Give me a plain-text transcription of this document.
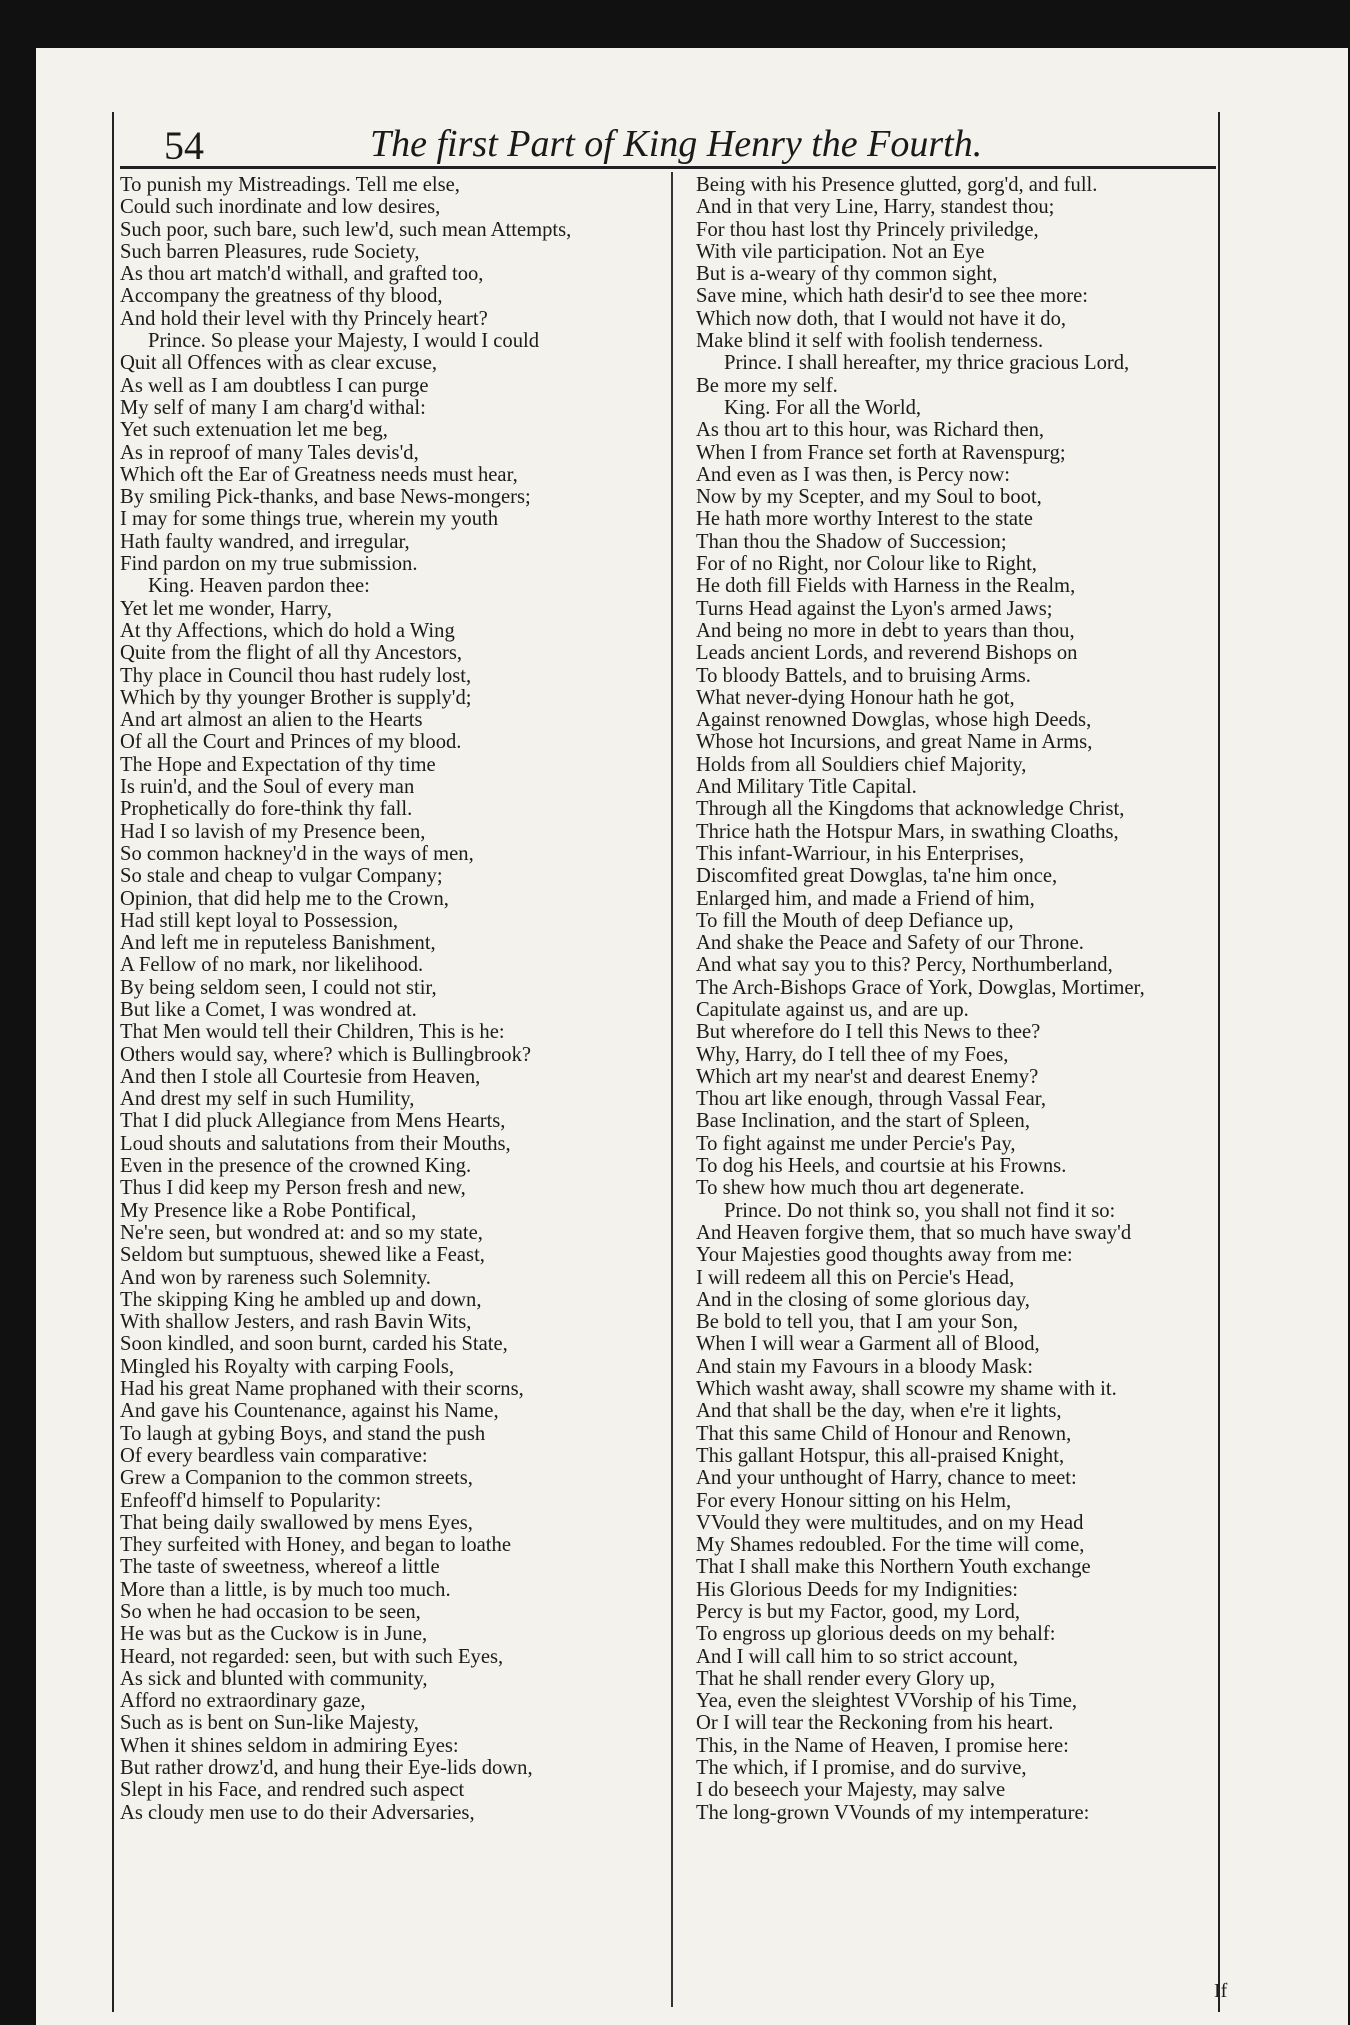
54	The first Part of King Henry the Fourth.
To punish my Mistreadings. Tell me else,
Could such inordinate and low desires,
Such poor, such bare, such lew'd, such mean Attempts,
Such barren Pleasures, rude Society,
As thou art match'd withall, and grafted too,
Accompany the greatness of thy blood,
And hold their level with thy Princely heart?
Prince. So please your Majesty, I would I could
Quit all Offences with as clear excuse,
As well as I am doubtless I can purge
My self of many I am charg'd withal:
Yet such extenuation let me beg,
As in reproof of many Tales devis'd,
Which oft the Ear of Greatness needs must hear,
By smiling Pick-thanks, and base News-mongers;
I may for some things true, wherein my youth
Hath faulty wandred, and irregular,
Find pardon on my true submission.
King. Heaven pardon thee:
Yet let me wonder, Harry,
At thy Affections, which do hold a Wing
Quite from the flight of all thy Ancestors,
Thy place in Council thou hast rudely lost,
Which by thy younger Brother is supply'd;
And art almost an alien to the Hearts
Of all the Court and Princes of my blood.
The Hope and Expectation of thy time
Is ruin'd, and the Soul of every man
Prophetically do fore-think thy fall.
Had I so lavish of my Presence been,
So common hackney'd in the ways of men,
So stale and cheap to vulgar Company;
Opinion, that did help me to the Crown,
Had still kept loyal to Possession,
And left me in reputeless Banishment,
A Fellow of no mark, nor likelihood.
By being seldom seen, I could not stir,
But like a Comet, I was wondred at.
That Men would tell their Children, This is he:
Others would say, where? which is Bullingbrook?
And then I stole all Courtesie from Heaven,
And drest my self in such Humility,
That I did pluck Allegiance from Mens Hearts,
Loud shouts and salutations from their Mouths,
Even in the presence of the crowned King.
Thus I did keep my Person fresh and new,
My Presence like a Robe Pontifical,
Ne're seen, but wondred at: and so my state,
Seldom but sumptuous, shewed like a Feast,
And won by rareness such Solemnity.
The skipping King he ambled up and down,
With shallow Jesters, and rash Bavin Wits,
Soon kindled, and soon burnt, carded his State,
Mingled his Royalty with carping Fools,
Had his great Name prophaned with their scorns,
And gave his Countenance, against his Name,
To laugh at gybing Boys, and stand the push
Of every beardless vain comparative:
Grew a Companion to the common streets,
Enfeoff'd himself to Popularity:
That being daily swallowed by mens Eyes,
They surfeited with Honey, and began to loathe
The taste of sweetness, whereof a little
More than a little, is by much too much.
So when he had occasion to be seen,
He was but as the Cuckow is in June,
Heard, not regarded: seen, but with such Eyes,
As sick and blunted with community,
Afford no extraordinary gaze,
Such as is bent on Sun-like Majesty,
When it shines seldom in admiring Eyes:
But rather drowz'd, and hung their Eye-lids down,
Slept in his Face, and rendred such aspect
As cloudy men use to do their Adversaries,
Being with his Presence glutted, gorg'd, and full.
And in that very Line, Harry, standest thou;
For thou hast lost thy Princely priviledge,
With vile participation. Not an Eye
But is a-weary of thy common sight,
Save mine, which hath desir'd to see thee more:
Which now doth, that I would not have it do,
Make blind it self with foolish tenderness.
Prince. I shall hereafter, my thrice gracious Lord,
Be more my self.
King. For all the World,
As thou art to this hour, was Richard then,
When I from France set forth at Ravenspurg;
And even as I was then, is Percy now:
Now by my Scepter, and my Soul to boot,
He hath more worthy Interest to the state
Than thou the Shadow of Succession;
For of no Right, nor Colour like to Right,
He doth fill Fields with Harness in the Realm,
Turns Head against the Lyon's armed Jaws;
And being no more in debt to years than thou,
Leads ancient Lords, and reverend Bishops on
To bloody Battels, and to bruising Arms.
What never-dying Honour hath he got,
Against renowned Dowglas, whose high Deeds,
Whose hot Incursions, and great Name in Arms,
Holds from all Souldiers chief Majority,
And Military Title Capital.
Through all the Kingdoms that acknowledge Christ,
Thrice hath the Hotspur Mars, in swathing Cloaths,
This infant-Warriour, in his Enterprises,
Discomfited great Dowglas, ta'ne him once,
Enlarged him, and made a Friend of him,
To fill the Mouth of deep Defiance up,
And shake the Peace and Safety of our Throne.
And what say you to this? Percy, Northumberland,
The Arch-Bishops Grace of York, Dowglas, Mortimer,
Capitulate against us, and are up.
But wherefore do I tell this News to thee?
Why, Harry, do I tell thee of my Foes,
Which art my near'st and dearest Enemy?
Thou art like enough, through Vassal Fear,
Base Inclination, and the start of Spleen,
To fight against me under Percie's Pay,
To dog his Heels, and courtsie at his Frowns.
To shew how much thou art degenerate.
Prince. Do not think so, you shall not find it so:
And Heaven forgive them, that so much have sway'd
Your Majesties good thoughts away from me:
I will redeem all this on Percie's Head,
And in the closing of some glorious day,
Be bold to tell you, that I am your Son,
When I will wear a Garment all of Blood,
And stain my Favours in a bloody Mask:
Which washt away, shall scowre my shame with it.
And that shall be the day, when e're it lights,
That this same Child of Honour and Renown,
This gallant Hotspur, this all-praised Knight,
And your unthought of Harry, chance to meet:
For every Honour sitting on his Helm,
VVould they were multitudes, and on my Head
My Shames redoubled. For the time will come,
That I shall make this Northern Youth exchange
His Glorious Deeds for my Indignities:
Percy is but my Factor, good, my Lord,
To engross up glorious deeds on my behalf:
And I will call him to so strict account,
That he shall render every Glory up,
Yea, even the sleightest VVorship of his Time,
Or I will tear the Reckoning from his heart.
This, in the Name of Heaven, I promise here:
The which, if I promise, and do survive,
I do beseech your Majesty, may salve
The long-grown VVounds of my intemperature:
If
